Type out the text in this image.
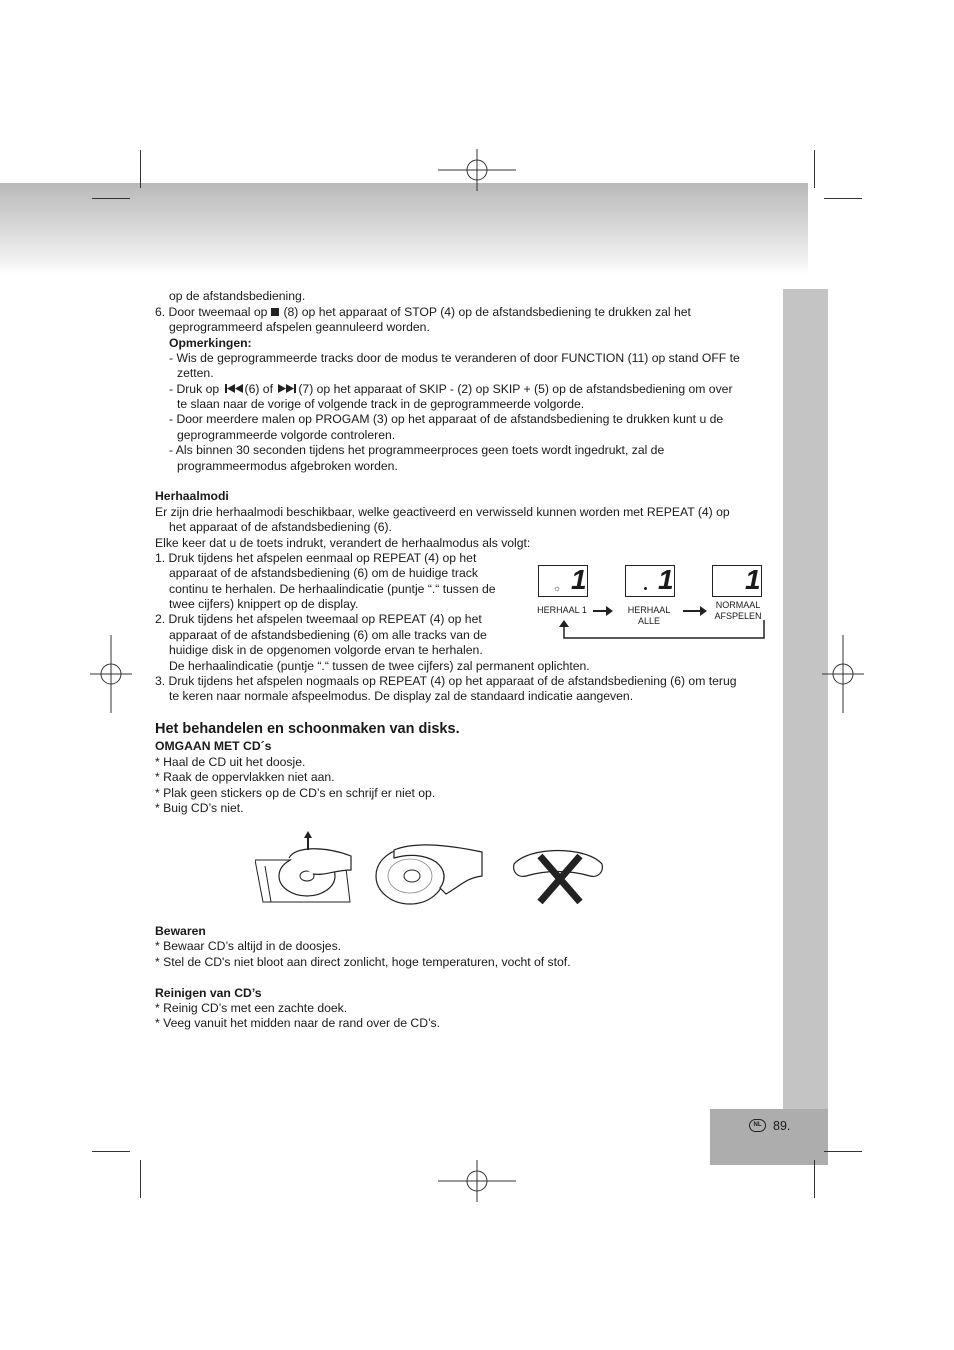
NL 89.
op de afstandsbediening.
6. Door tweemaal op (8) op het apparaat of STOP (4) op de afstandsbediening te drukken zal het
geprogrammeerd afspelen geannuleerd worden.
Opmerkingen:
- Wis de geprogrammeerde tracks door de modus te veranderen of door FUNCTION (11) op stand OFF te
zetten.
- Druk op (6) of (7) op het apparaat of SKIP - (2) op SKIP + (5) op de afstandsbediening om over
te slaan naar de vorige of volgende track in de geprogrammeerde volgorde.
- Door meerdere malen op PROGAM (3) op het apparaat of de afstandsbediening te drukken kunt u de
geprogrammeerde volgorde controleren.
- Als binnen 30 seconden tijdens het programmeerproces geen toets wordt ingedrukt, zal de
programmeermodus afgebroken worden.
Herhaalmodi
Er zijn drie herhaalmodi beschikbaar, welke geactiveerd en verwisseld kunnen worden met REPEAT (4) op
het apparaat of de afstandsbediening (6).
Elke keer dat u de toets indrukt, verandert de herhaalmodus als volgt:
1. Druk tijdens het afspelen eenmaal op REPEAT (4) op het
apparaat of de afstandsbediening (6) om de huidige track
continu te herhalen. De herhaalindicatie (puntje “.“ tussen de
twee cijfers) knippert op de display.
2. Druk tijdens het afspelen tweemaal op REPEAT (4) op het
apparaat of de afstandsbediening (6) om alle tracks van de
huidige disk in de opgenomen volgorde ervan te herhalen.
De herhaalindicatie (puntje “.“ tussen de twee cijfers) zal permanent oplichten.
3. Druk tijdens het afspelen nogmaals op REPEAT (4) op het apparaat of de afstandsbediening (6) om terug
te keren naar normale afspeelmodus. De display zal de standaard indicatie aangeven.
☼ 1	1	1
HERHAAL 1	HERHAAL
ALLE
NORMAAL
AFSPELEN
Het behandelen en schoonmaken van disks.
OMGAAN MET CD´s
* Haal de CD uit het doosje.
* Raak de oppervlakken niet aan.
* Plak geen stickers op de CD’s en schrijf er niet op.
* Buig CD’s niet.
Bewaren
* Bewaar CD’s altijd in de doosjes.
* Stel de CD's niet bloot aan direct zonlicht, hoge temperaturen, vocht of stof.
Reinigen van CD’s
* Reinig CD’s met een zachte doek.
* Veeg vanuit het midden naar de rand over de CD’s.
